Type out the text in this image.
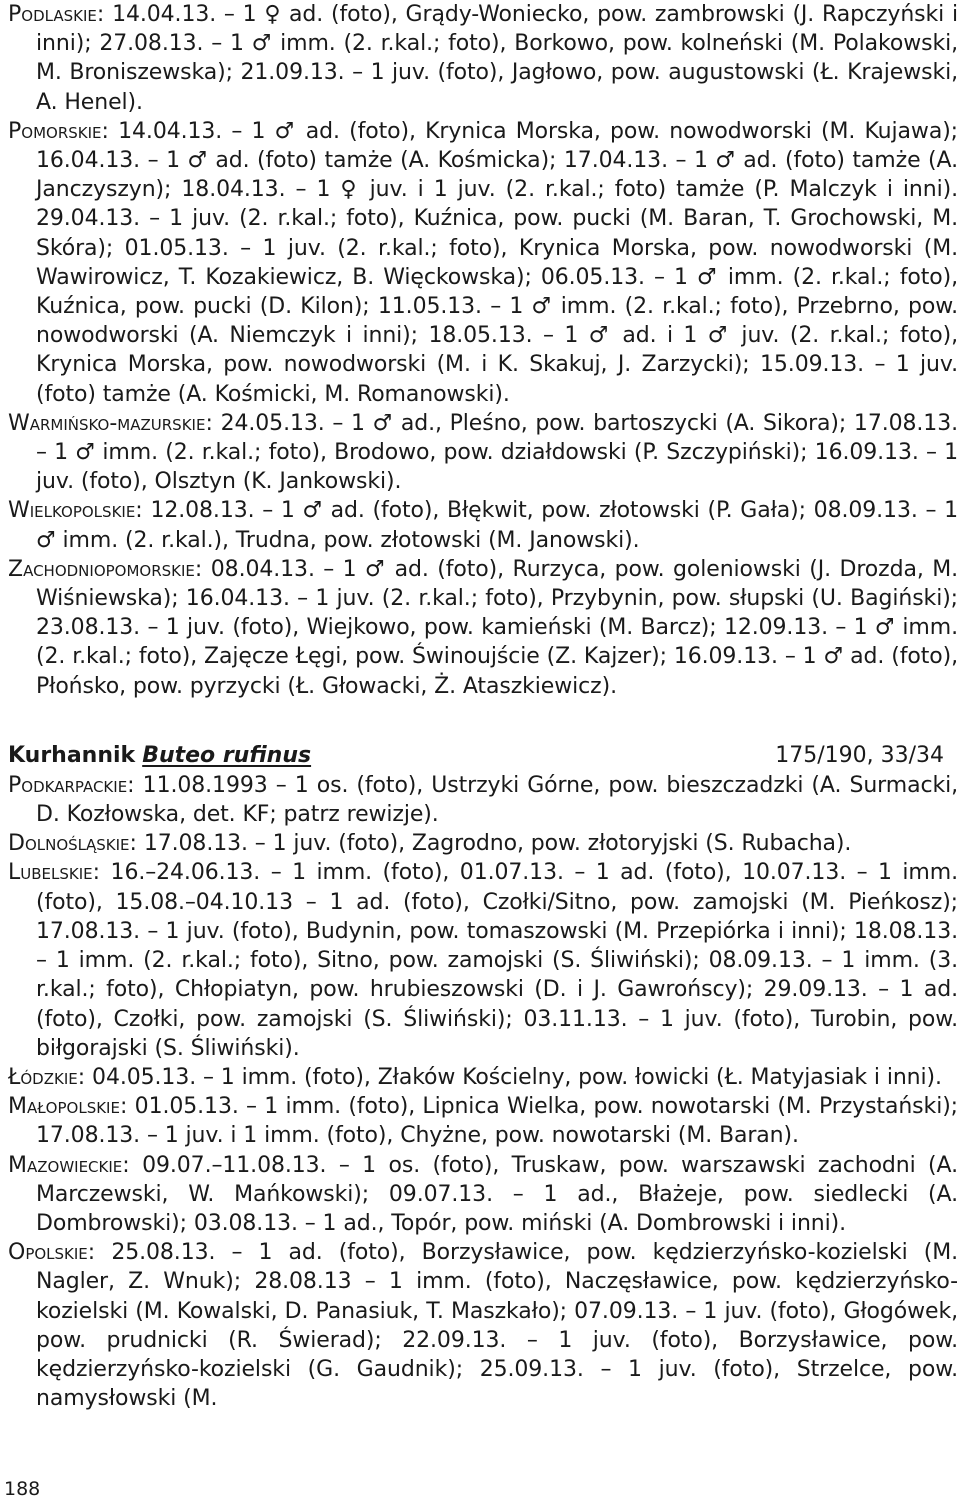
Podlaskie: 14.04.13. – 1 ♀ ad. (foto), Grądy-Woniecko, pow. zambrowski (J. Rapczyński i inni); 27.08.13. – 1 ♂ imm. (2. r.kal.; foto), Borkowo, pow. kolneński (M. Polakowski, M. Broniszewska); 21.09.13. – 1 juv. (foto), Jagłowo, pow. augustowski (Ł. Krajewski, A. Henel).

Pomorskie: 14.04.13. – 1 ♂ ad. (foto), Krynica Morska, pow. nowodworski (M. Kujawa); 16.04.13. – 1 ♂ ad. (foto) tamże (A. Kośmicka); 17.04.13. – 1 ♂ ad. (foto) tamże (A. Janczyszyn); 18.04.13. – 1 ♀ juv. i 1 juv. (2. r.kal.; foto) tamże (P. Malczyk i inni). 29.04.13. – 1 juv. (2. r.kal.; foto), Kuźnica, pow. pucki (M. Baran, T. Grochowski, M. Skóra); 01.05.13. – 1 juv. (2. r.kal.; foto), Krynica Morska, pow. nowodworski (M. Wawirowicz, T. Kozakiewicz, B. Więckowska); 06.05.13. – 1 ♂ imm. (2. r.kal.; foto), Kuźnica, pow. pucki (D. Kilon); 11.05.13. – 1 ♂ imm. (2. r.kal.; foto), Przebrno, pow. nowodworski (A. Niemczyk i inni); 18.05.13. – 1 ♂ ad. i 1 ♂ juv. (2. r.kal.; foto), Krynica Morska, pow. nowodworski (M. i K. Skakuj, J. Zarzycki); 15.09.13. – 1 juv. (foto) tamże (A. Kośmicki, M. Romanowski).

Warmińsko-mazurskie: 24.05.13. – 1 ♂ ad., Pleśno, pow. bartoszycki (A. Sikora); 17.08.13. – 1 ♂ imm. (2. r.kal.; foto), Brodowo, pow. działdowski (P. Szczypiński); 16.09.13. – 1 juv. (foto), Olsztyn (K. Jankowski).

Wielkopolskie: 12.08.13. – 1 ♂ ad. (foto), Błękwit, pow. złotowski (P. Gała); 08.09.13. – 1 ♂ imm. (2. r.kal.), Trudna, pow. złotowski (M. Janowski).

Zachodniopomorskie: 08.04.13. – 1 ♂ ad. (foto), Rurzyca, pow. goleniowski (J. Drozda, M. Wiśniewska); 16.04.13. – 1 juv. (2. r.kal.; foto), Przybynin, pow. słupski (U. Bagiński); 23.08.13. – 1 juv. (foto), Wiejkowo, pow. kamieński (M. Barcz); 12.09.13. – 1 ♂ imm. (2. r.kal.; foto), Zajęcze Łęgi, pow. Świnoujście (Z. Kajzer); 16.09.13. – 1 ♂ ad. (foto), Płońsko, pow. pyrzycki (Ł. Głowacki, Ż. Ataszkiewicz).

Kurhannik Buteo rufinus	175/190, 33/34

Podkarpackie: 11.08.1993 – 1 os. (foto), Ustrzyki Górne, pow. bieszczadzki (A. Surmacki, D. Kozłowska, det. KF; patrz rewizje).

Dolnośląskie: 17.08.13. – 1 juv. (foto), Zagrodno, pow. złotoryjski (S. Rubacha).

Lubelskie: 16.–24.06.13. – 1 imm. (foto), 01.07.13. – 1 ad. (foto), 10.07.13. – 1 imm. (foto), 15.08.–04.10.13 – 1 ad. (foto), Czołki/Sitno, pow. zamojski (M. Pieńkosz); 17.08.13. – 1 juv. (foto), Budynin, pow. tomaszowski (M. Przepiórka i inni); 18.08.13. – 1 imm. (2. r.kal.; foto), Sitno, pow. zamojski (S. Śliwiński); 08.09.13. – 1 imm. (3. r.kal.; foto), Chłopiatyn, pow. hrubieszowski (D. i J. Gawrońscy); 29.09.13. – 1 ad. (foto), Czołki, pow. zamojski (S. Śliwiński); 03.11.13. – 1 juv. (foto), Turobin, pow. biłgorajski (S. Śliwiński).

Łódzkie: 04.05.13. – 1 imm. (foto), Złaków Kościelny, pow. łowicki (Ł. Matyjasiak i inni).

Małopolskie: 01.05.13. – 1 imm. (foto), Lipnica Wielka, pow. nowotarski (M. Przystański); 17.08.13. – 1 juv. i 1 imm. (foto), Chyżne, pow. nowotarski (M. Baran).

Mazowieckie: 09.07.–11.08.13. – 1 os. (foto), Truskaw, pow. warszawski zachodni (A. Marczewski, W. Mańkowski); 09.07.13. – 1 ad., Błażeje, pow. siedlecki (A. Dombrowski); 03.08.13. – 1 ad., Topór, pow. miński (A. Dombrowski i inni).

Opolskie: 25.08.13. – 1 ad. (foto), Borzysławice, pow. kędzierzyńsko-kozielski (M. Nagler, Z. Wnuk); 28.08.13 – 1 imm. (foto), Naczęsławice, pow. kędzierzyńsko-kozielski (M. Kowalski, D. Panasiuk, T. Maszkało); 07.09.13. – 1 juv. (foto), Głogówek, pow. prudnicki (R. Świerad); 22.09.13. – 1 juv. (foto), Borzysławice, pow. kędzierzyńsko-kozielski (G. Gaudnik); 25.09.13. – 1 juv. (foto), Strzelce, pow. namysłowski (M.

188
